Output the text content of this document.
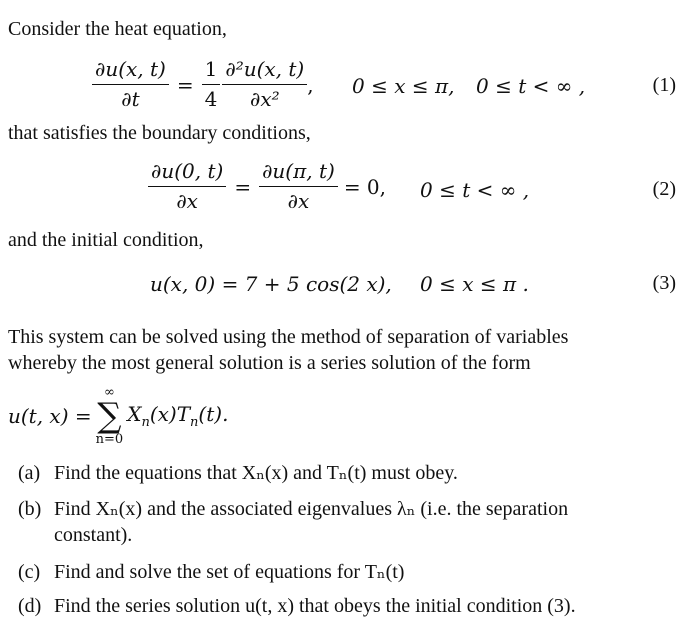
Consider the heat equation,
$\frac{\partial u(x, t)}{\partial t} = \frac{1}{4} \frac{\text{∂²u(x, t)}}{\text{∂x²}}$ , 0 ≤ x ≤ π, 0 ≤ t < ∞ ,	(1)
that satisfies the boundary conditions,
$\frac{\partial u(0, t)}{\partial x} = \frac{\partial u(\pi, t)}{\partial x} = 0$, 0 ≤ t < ∞ ,	(2)
and the initial condition,
u(x, 0) = 7 + 5 cos(2 x), 0 ≤ x ≤ π .	(3)
This system can be solved using the method of separation of variables
whereby the most general solution is a series solution of the form
u(t, x) =
∞
∑
n=0
$X_n(x)T_n(t)$.
(a) Find the equations that Xₙ(x) and Tₙ(t) must obey.
(b) Find Xₙ(x) and the associated eigenvalues λₙ (i.e. the separation
constant).
(c) Find and solve the set of equations for Tₙ(t)
(d) Find the series solution u(t, x) that obeys the initial condition (3).
